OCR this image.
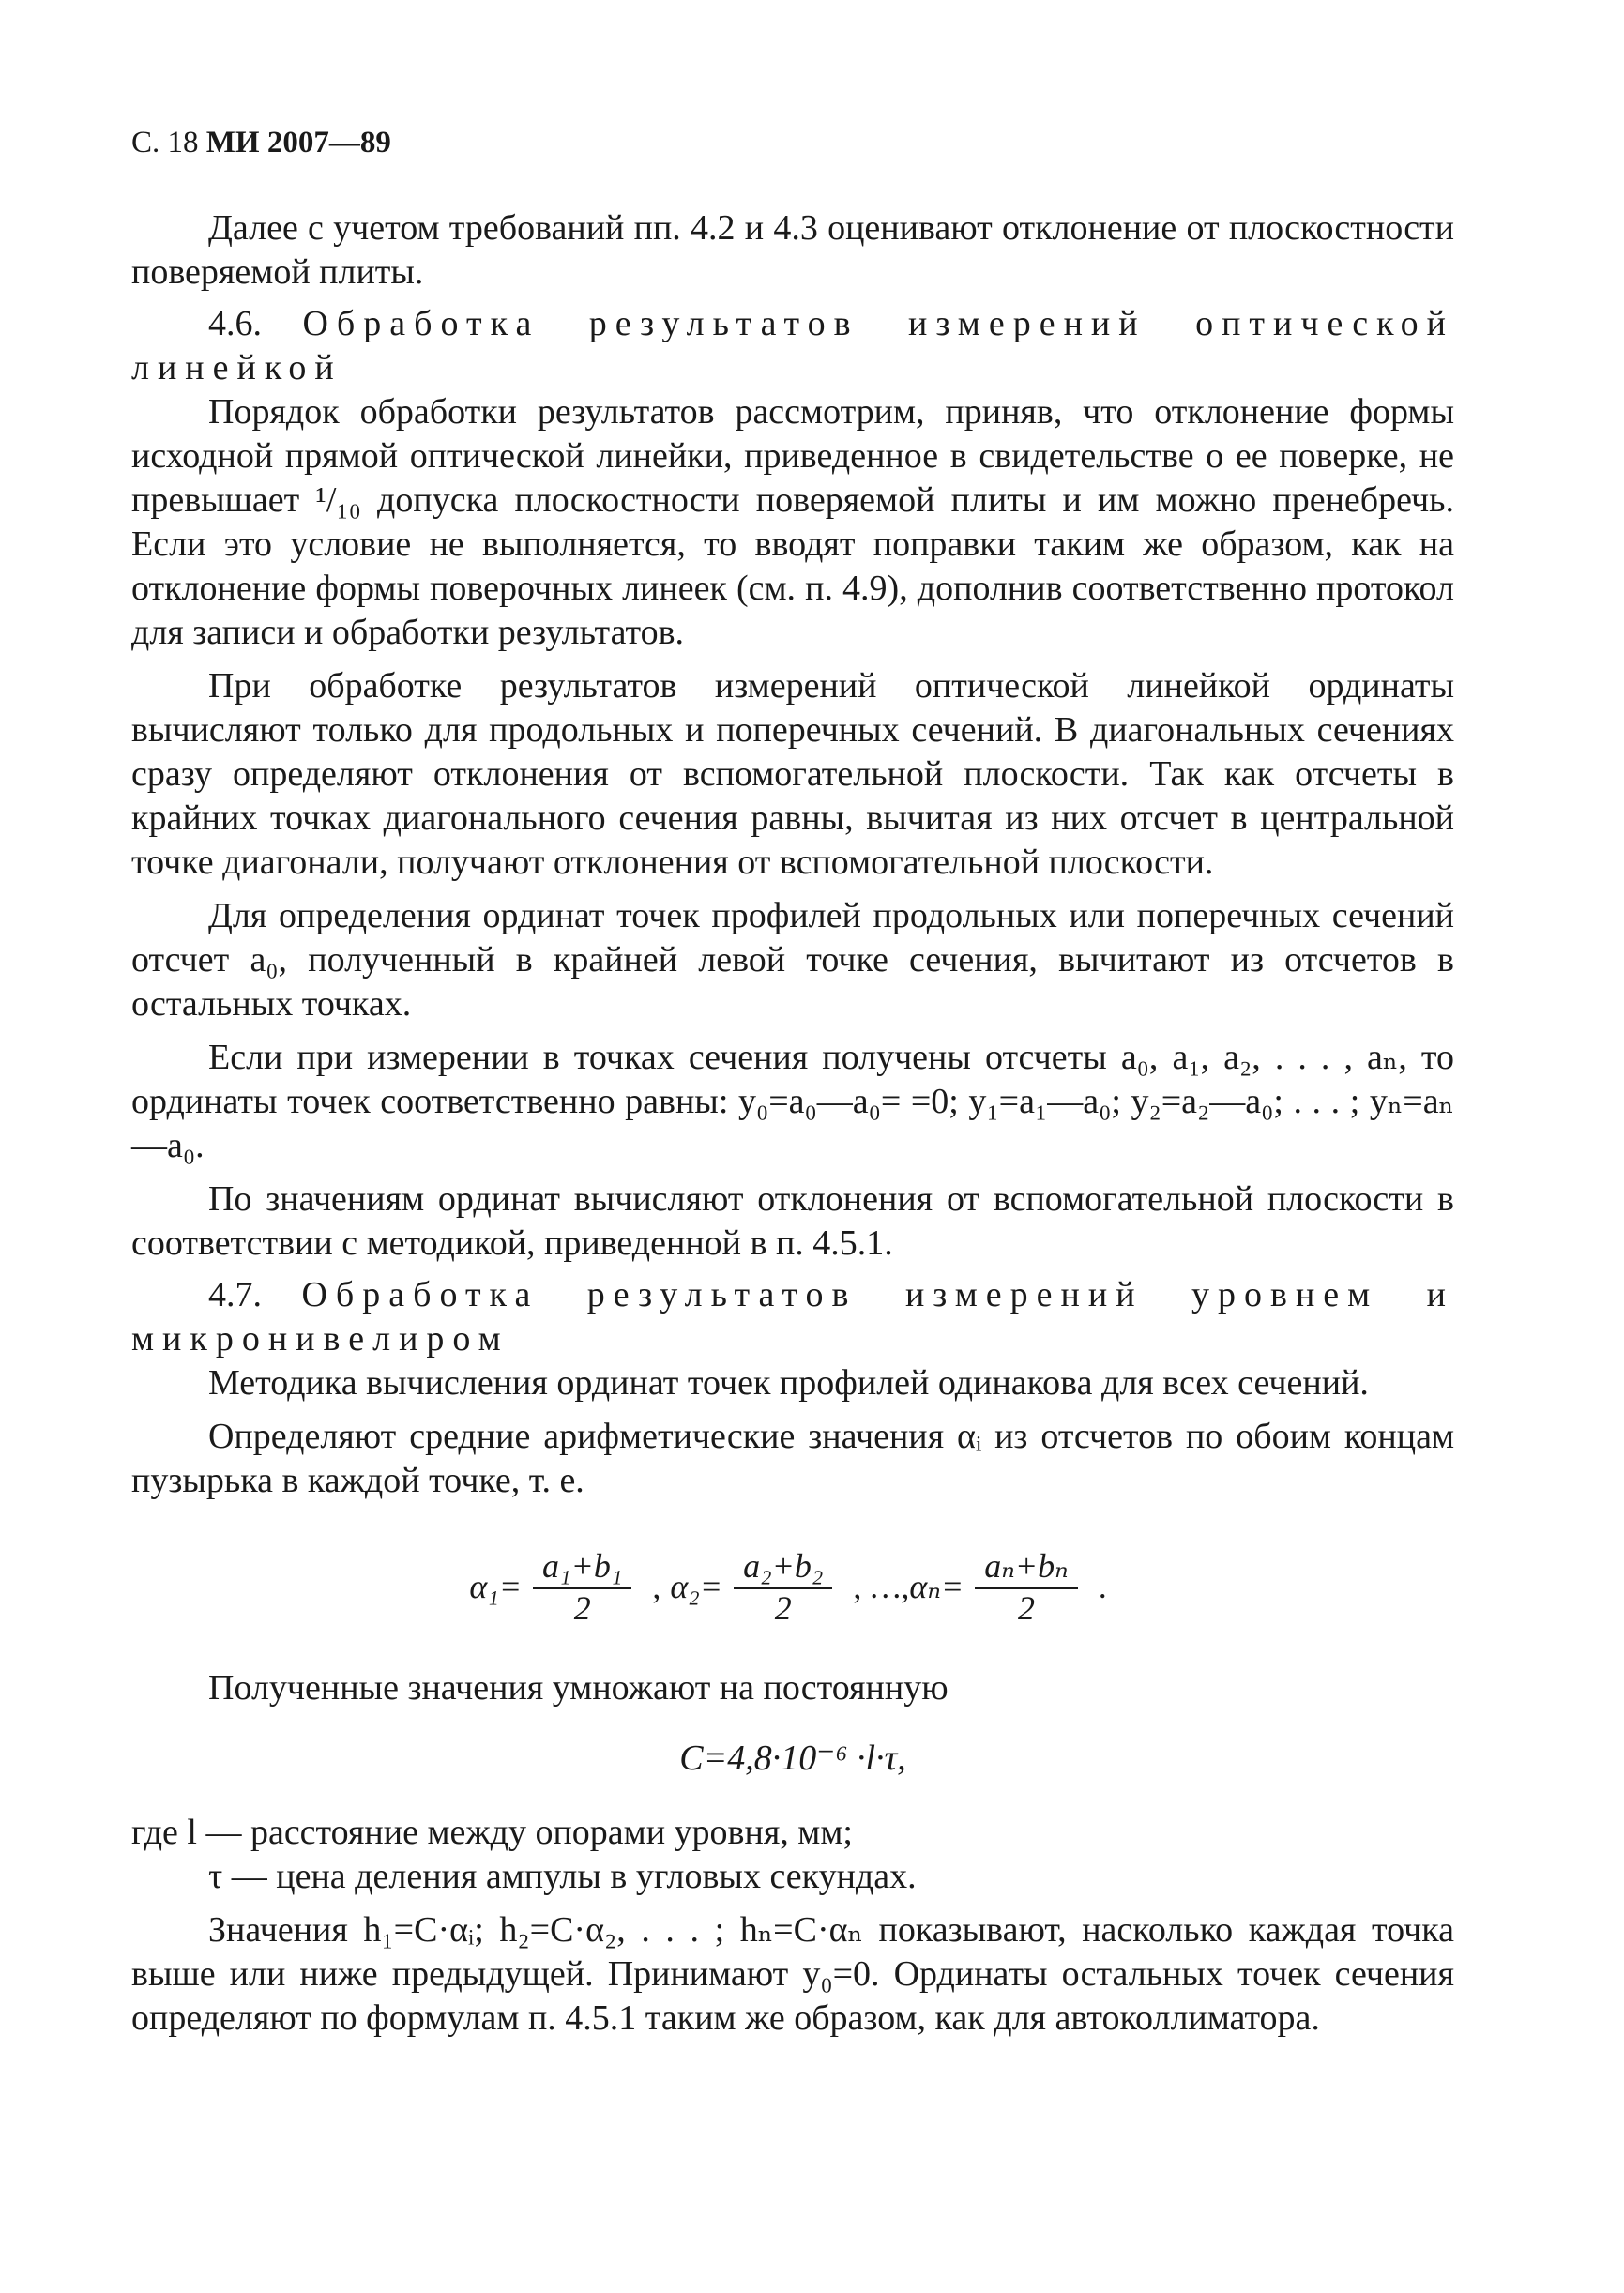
С. 18 МИ 2007—89

Далее с учетом требований пп. 4.2 и 4.3 оценивают отклонение от плоскостности поверяемой плиты.

4.6. Обработка результатов измерений оптической линейкой

Порядок обработки результатов рассмотрим, приняв, что отклонение формы исходной прямой оптической линейки, приведенное в свидетельстве о ее поверке, не превышает ¹/₁₀ допуска плоскостности поверяемой плиты и им можно пренебречь. Если это условие не выполняется, то вводят поправки таким же образом, как на отклонение формы поверочных линеек (см. п. 4.9), дополнив соответственно протокол для записи и обработки результатов.

При обработке результатов измерений оптической линейкой ординаты вычисляют только для продольных и поперечных сечений. В диагональных сечениях сразу определяют отклонения от вспомогательной плоскости. Так как отсчеты в крайних точках диагонального сечения равны, вычитая из них отсчет в центральной точке диагонали, получают отклонения от вспомогательной плоскости.

Для определения ординат точек профилей продольных или поперечных сечений отсчет a₀, полученный в крайней левой точке сечения, вычитают из отсчетов в остальных точках.

Если при измерении в точках сечения получены отсчеты a₀, a₁, a₂, . . . , aₙ, то ординаты точек соответственно равны: y₀=a₀—a₀= =0; y₁=a₁—a₀; y₂=a₂—a₀; . . . ; yₙ=aₙ—a₀.

По значениям ординат вычисляют отклонения от вспомогательной плоскости в соответствии с методикой, приведенной в п. 4.5.1.

4.7. Обработка результатов измерений уровнем и микронивелиром

Методика вычисления ординат точек профилей одинакова для всех сечений.

Определяют средние арифметические значения αᵢ из отсчетов по обоим концам пузырька в каждой точке, т. е.

$\alpha_1= \frac{\text{a₁+b₁}}{2}$ , $\alpha_2= \frac{\text{a₂+b₂}}{2}$ , …, $\alpha_n= \frac{\text{aₙ+bₙ}}{2}$ .

Полученные значения умножают на постоянную

C=4,8·10⁻⁶ ·l·τ,

где l — расстояние между опорами уровня, мм;

τ — цена деления ампулы в угловых секундах.

Значения h₁=C·αᵢ; h₂=C·α₂, . . . ; hₙ=C·αₙ показывают, насколько каждая точка выше или ниже предыдущей. Принимают y₀=0. Ординаты остальных точек сечения определяют по формулам п. 4.5.1 таким же образом, как для автоколлиматора.
